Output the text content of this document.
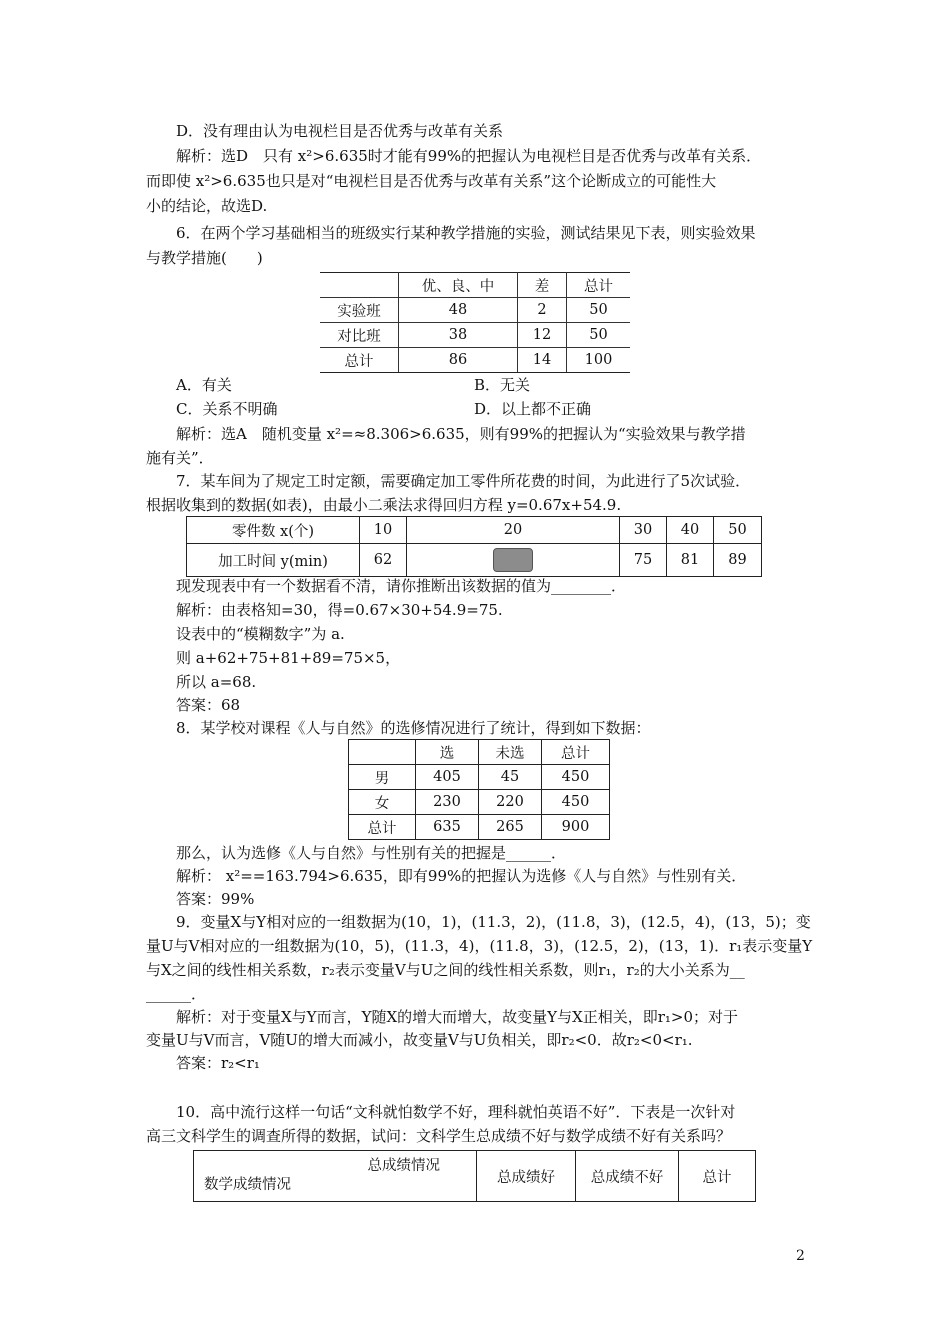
D．没有理由认为电视栏目是否优秀与改革有关系
解析：选D　只有 x²>6.635时才能有99%的把握认为电视栏目是否优秀与改革有关系．
而即使 x²>6.635也只是对“电视栏目是否优秀与改革有关系”这个论断成立的可能性大
小的结论，故选D.
6．在两个学习基础相当的班级实行某种教学措施的实验，测试结果见下表，则实验效果
与教学措施(　　)
	优、良、中	差	总计
实验班	48	2	50
对比班	38	12	50
总计	86	14	100
A．有关	B．无关
C．关系不明确	D．以上都不正确
解析：选A　随机变量 x²=≈8.306>6.635，则有99%的把握认为“实验效果与教学措
施有关”．
7．某车间为了规定工时定额，需要确定加工零件所花费的时间，为此进行了5次试验．
根据收集到的数据(如表)，由最小二乘法求得回归方程 y=0.67x+54.9.
零件数 x(个)	10	20	30	40	50
加工时间 y(min)	62		75	81	89
现发现表中有一个数据看不清，请你推断出该数据的值为________．
解析：由表格知=30，得=0.67×30+54.9=75.
设表中的“模糊数字”为 a.
则 a+62+75+81+89=75×5，
所以 a=68.
答案：68
8．某学校对课程《人与自然》的选修情况进行了统计，得到如下数据：
	选	未选	总计
男	405	45	450
女	230	220	450
总计	635	265	900
那么，认为选修《人与自然》与性别有关的把握是______．
解析： x²==163.794>6.635，即有99%的把握认为选修《人与自然》与性别有关．
答案：99%
9．变量X与Y相对应的一组数据为(10，1)，(11.3，2)，(11.8，3)，(12.5，4)，(13，5)；变
量U与V相对应的一组数据为(10，5)，(11.3，4)，(11.8，3)，(12.5，2)，(13，1)．r₁表示变量Y
与X之间的线性相关系数，r₂表示变量V与U之间的线性相关系数，则r₁，r₂的大小关系为__
______．
解析：对于变量X与Y而言，Y随X的增大而增大，故变量Y与X正相关，即r₁>0；对于
变量U与V而言，V随U的增大而减小，故变量V与U负相关，即r₂<0．故r₂<0<r₁.
答案：r₂<r₁
10．高中流行这样一句话“文科就怕数学不好，理科就怕英语不好”．下表是一次针对
高三文科学生的调查所得的数据，试问：文科学生总成绩不好与数学成绩不好有关系吗？
总成绩情况
数学成绩情况	总成绩好	总成绩不好	总计
2
